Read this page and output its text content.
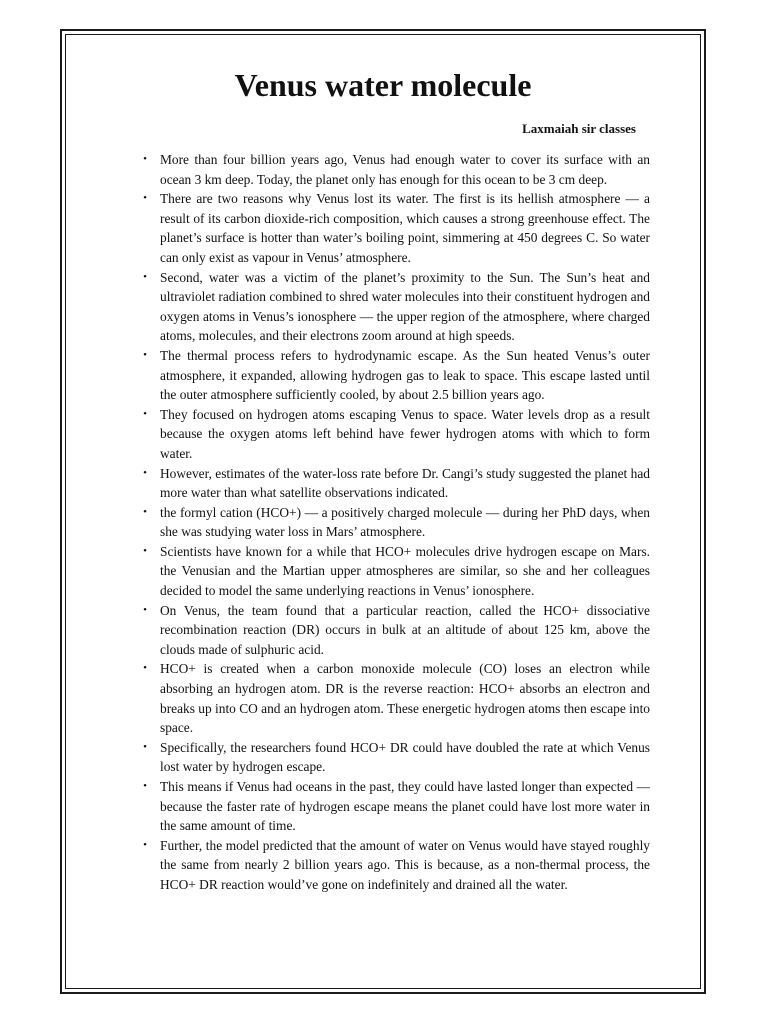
Venus water molecule
Laxmaiah sir classes
• More than four billion years ago, Venus had enough water to cover its surface with an ocean 3 km deep. Today, the planet only has enough for this ocean to be 3 cm deep.
• There are two reasons why Venus lost its water. The first is its hellish atmosphere — a result of its carbon dioxide-rich composition, which causes a strong greenhouse effect. The planet’s surface is hotter than water’s boiling point, simmering at 450 degrees C. So water can only exist as vapour in Venus’ atmosphere.
• Second, water was a victim of the planet’s proximity to the Sun. The Sun’s heat and ultraviolet radiation combined to shred water molecules into their constituent hydrogen and oxygen atoms in Venus’s ionosphere — the upper region of the atmosphere, where charged atoms, molecules, and their electrons zoom around at high speeds.
• The thermal process refers to hydrodynamic escape. As the Sun heated Venus’s outer atmosphere, it expanded, allowing hydrogen gas to leak to space. This escape lasted until the outer atmosphere sufficiently cooled, by about 2.5 billion years ago.
• They focused on hydrogen atoms escaping Venus to space. Water levels drop as a result because the oxygen atoms left behind have fewer hydrogen atoms with which to form water.
• However, estimates of the water-loss rate before Dr. Cangi’s study suggested the planet had more water than what satellite observations indicated.
• the formyl cation (HCO+) — a positively charged molecule — during her PhD days, when she was studying water loss in Mars’ atmosphere.
• Scientists have known for a while that HCO+ molecules drive hydrogen escape on Mars. the Venusian and the Martian upper atmospheres are similar, so she and her colleagues decided to model the same underlying reactions in Venus’ ionosphere.
• On Venus, the team found that a particular reaction, called the HCO+ dissociative recombination reaction (DR) occurs in bulk at an altitude of about 125 km, above the clouds made of sulphuric acid.
• HCO+ is created when a carbon monoxide molecule (CO) loses an electron while absorbing an hydrogen atom. DR is the reverse reaction: HCO+ absorbs an electron and breaks up into CO and an hydrogen atom. These energetic hydrogen atoms then escape into space.
• Specifically, the researchers found HCO+ DR could have doubled the rate at which Venus lost water by hydrogen escape.
• This means if Venus had oceans in the past, they could have lasted longer than expected — because the faster rate of hydrogen escape means the planet could have lost more water in the same amount of time.
• Further, the model predicted that the amount of water on Venus would have stayed roughly the same from nearly 2 billion years ago. This is because, as a non-thermal process, the HCO+ DR reaction would’ve gone on indefinitely and drained all the water.
